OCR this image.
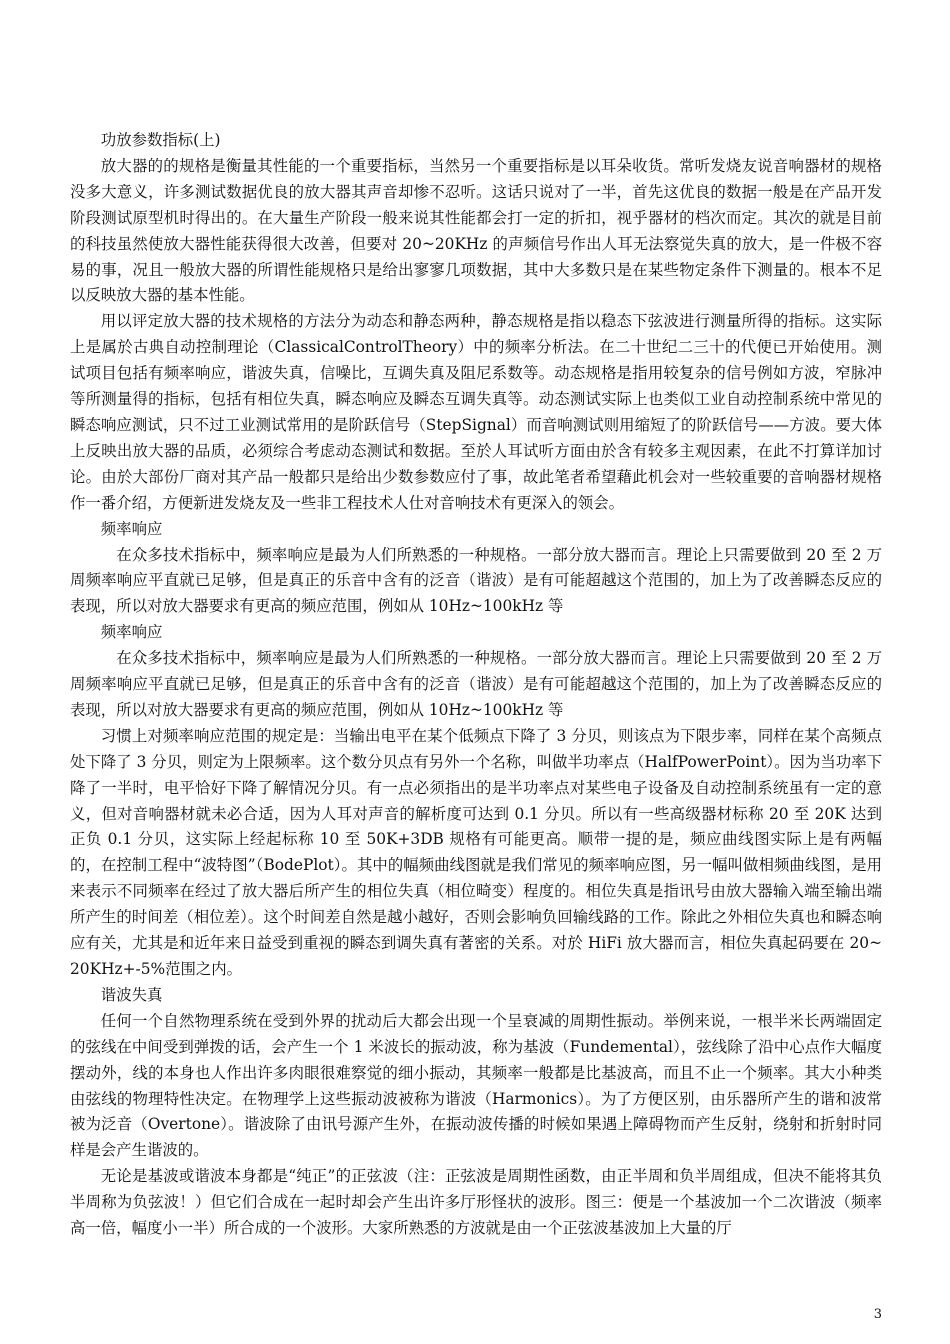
功放参数指标(上)

放大器的的规格是衡量其性能的一个重要指标，当然另一个重要指标是以耳朵收货。常听发烧友说音响器材的规格没多大意义，许多测试数据优良的放大器其声音却惨不忍听。这话只说对了一半，首先这优良的数据一般是在产品开发阶段测试原型机时得出的。在大量生产阶段一般来说其性能都会打一定的折扣，视乎器材的档次而定。其次的就是目前的科技虽然使放大器性能获得很大改善，但要对 20~20KHz 的声频信号作出人耳无法察觉失真的放大，是一件极不容易的事，况且一般放大器的所谓性能规格只是给出寥寥几项数据，其中大多数只是在某些物定条件下测量的。根本不足以反映放大器的基本性能。

用以评定放大器的技术规格的方法分为动态和静态两种，静态规格是指以稳态下弦波进行测量所得的指标。这实际上是属於古典自动控制理论（ClassicalControlTheory）中的频率分析法。在二十世纪二三十的代便已开始使用。测试项目包括有频率响应，谐波失真，信噪比，互调失真及阻尼系数等。动态规格是指用较复杂的信号例如方波，窄脉冲等所测量得的指标，包括有相位失真，瞬态响应及瞬态互调失真等。动态测试实际上也类似工业自动控制系统中常见的瞬态响应测试，只不过工业测试常用的是阶跃信号（StepSignal）而音响测试则用缩短了的阶跃信号——方波。要大体上反映出放大器的品质，必须综合考虑动态测试和数据。至於人耳试听方面由於含有较多主观因素，在此不打算详加讨论。由於大部份厂商对其产品一般都只是给出少数参数应付了事，故此笔者希望藉此机会对一些较重要的音响器材规格作一番介绍，方便新进发烧友及一些非工程技术人仕对音响技术有更深入的领会。

频率响应

在众多技术指标中，频率响应是最为人们所熟悉的一种规格。一部分放大器而言。理论上只需要做到 20 至 2 万周频率响应平直就已足够，但是真正的乐音中含有的泛音（谐波）是有可能超越这个范围的，加上为了改善瞬态反应的表现，所以对放大器要求有更高的频应范围，例如从 10Hz~100kHz 等

频率响应

在众多技术指标中，频率响应是最为人们所熟悉的一种规格。一部分放大器而言。理论上只需要做到 20 至 2 万周频率响应平直就已足够，但是真正的乐音中含有的泛音（谐波）是有可能超越这个范围的，加上为了改善瞬态反应的表现，所以对放大器要求有更高的频应范围，例如从 10Hz~100kHz 等

习惯上对频率响应范围的规定是：当输出电平在某个低频点下降了 3 分贝，则该点为下限步率，同样在某个高频点处下降了 3 分贝，则定为上限频率。这个数分贝点有另外一个名称，叫做半功率点（HalfPowerPoint）。因为当功率下降了一半时，电平恰好下降了解情况分贝。有一点必须指出的是半功率点对某些电子设备及自动控制系统虽有一定的意义，但对音响器材就未必合适，因为人耳对声音的解析度可达到 0.1 分贝。所以有一些高级器材标称 20 至 20K 达到正负 0.1 分贝，这实际上经起标称 10 至 50K+3DB 规格有可能更高。顺带一提的是，频应曲线图实际上是有两幅的，在控制工程中“波特图”（BodePlot）。其中的幅频曲线图就是我们常见的频率响应图，另一幅叫做相频曲线图，是用来表示不同频率在经过了放大器后所产生的相位失真（相位畸变）程度的。相位失真是指讯号由放大器输入端至输出端所产生的时间差（相位差）。这个时间差自然是越小越好，否则会影响负回输线路的工作。除此之外相位失真也和瞬态响应有关，尤其是和近年来日益受到重视的瞬态到调失真有著密的关系。对於 HiFi 放大器而言，相位失真起码要在 20~20KHz+-5%范围之内。

谐波失真

任何一个自然物理系统在受到外界的扰动后大都会出现一个呈衰减的周期性振动。举例来说，一根半米长两端固定的弦线在中间受到弹拨的话，会产生一个 1 米波长的振动波，称为基波（Fundemental），弦线除了沿中心点作大幅度摆动外，线的本身也人作出许多肉眼很难察觉的细小振动，其频率一般都是比基波高，而且不止一个频率。其大小种类由弦线的物理特性决定。在物理学上这些振动波被称为谐波（Harmonics）。为了方便区别，由乐器所产生的谐和波常被为泛音（Overtone）。谐波除了由讯号源产生外，在振动波传播的时候如果遇上障碍物而产生反射，绕射和折射时同样是会产生谐波的。

无论是基波或谐波本身都是“纯正”的正弦波（注：正弦波是周期性函数，由正半周和负半周组成，但决不能将其负半周称为负弦波！）但它们合成在一起时却会产生出许多厅形怪状的波形。图三：便是一个基波加一个二次谐波（频率高一倍，幅度小一半）所合成的一个波形。大家所熟悉的方波就是由一个正弦波基波加上大量的厅

3
